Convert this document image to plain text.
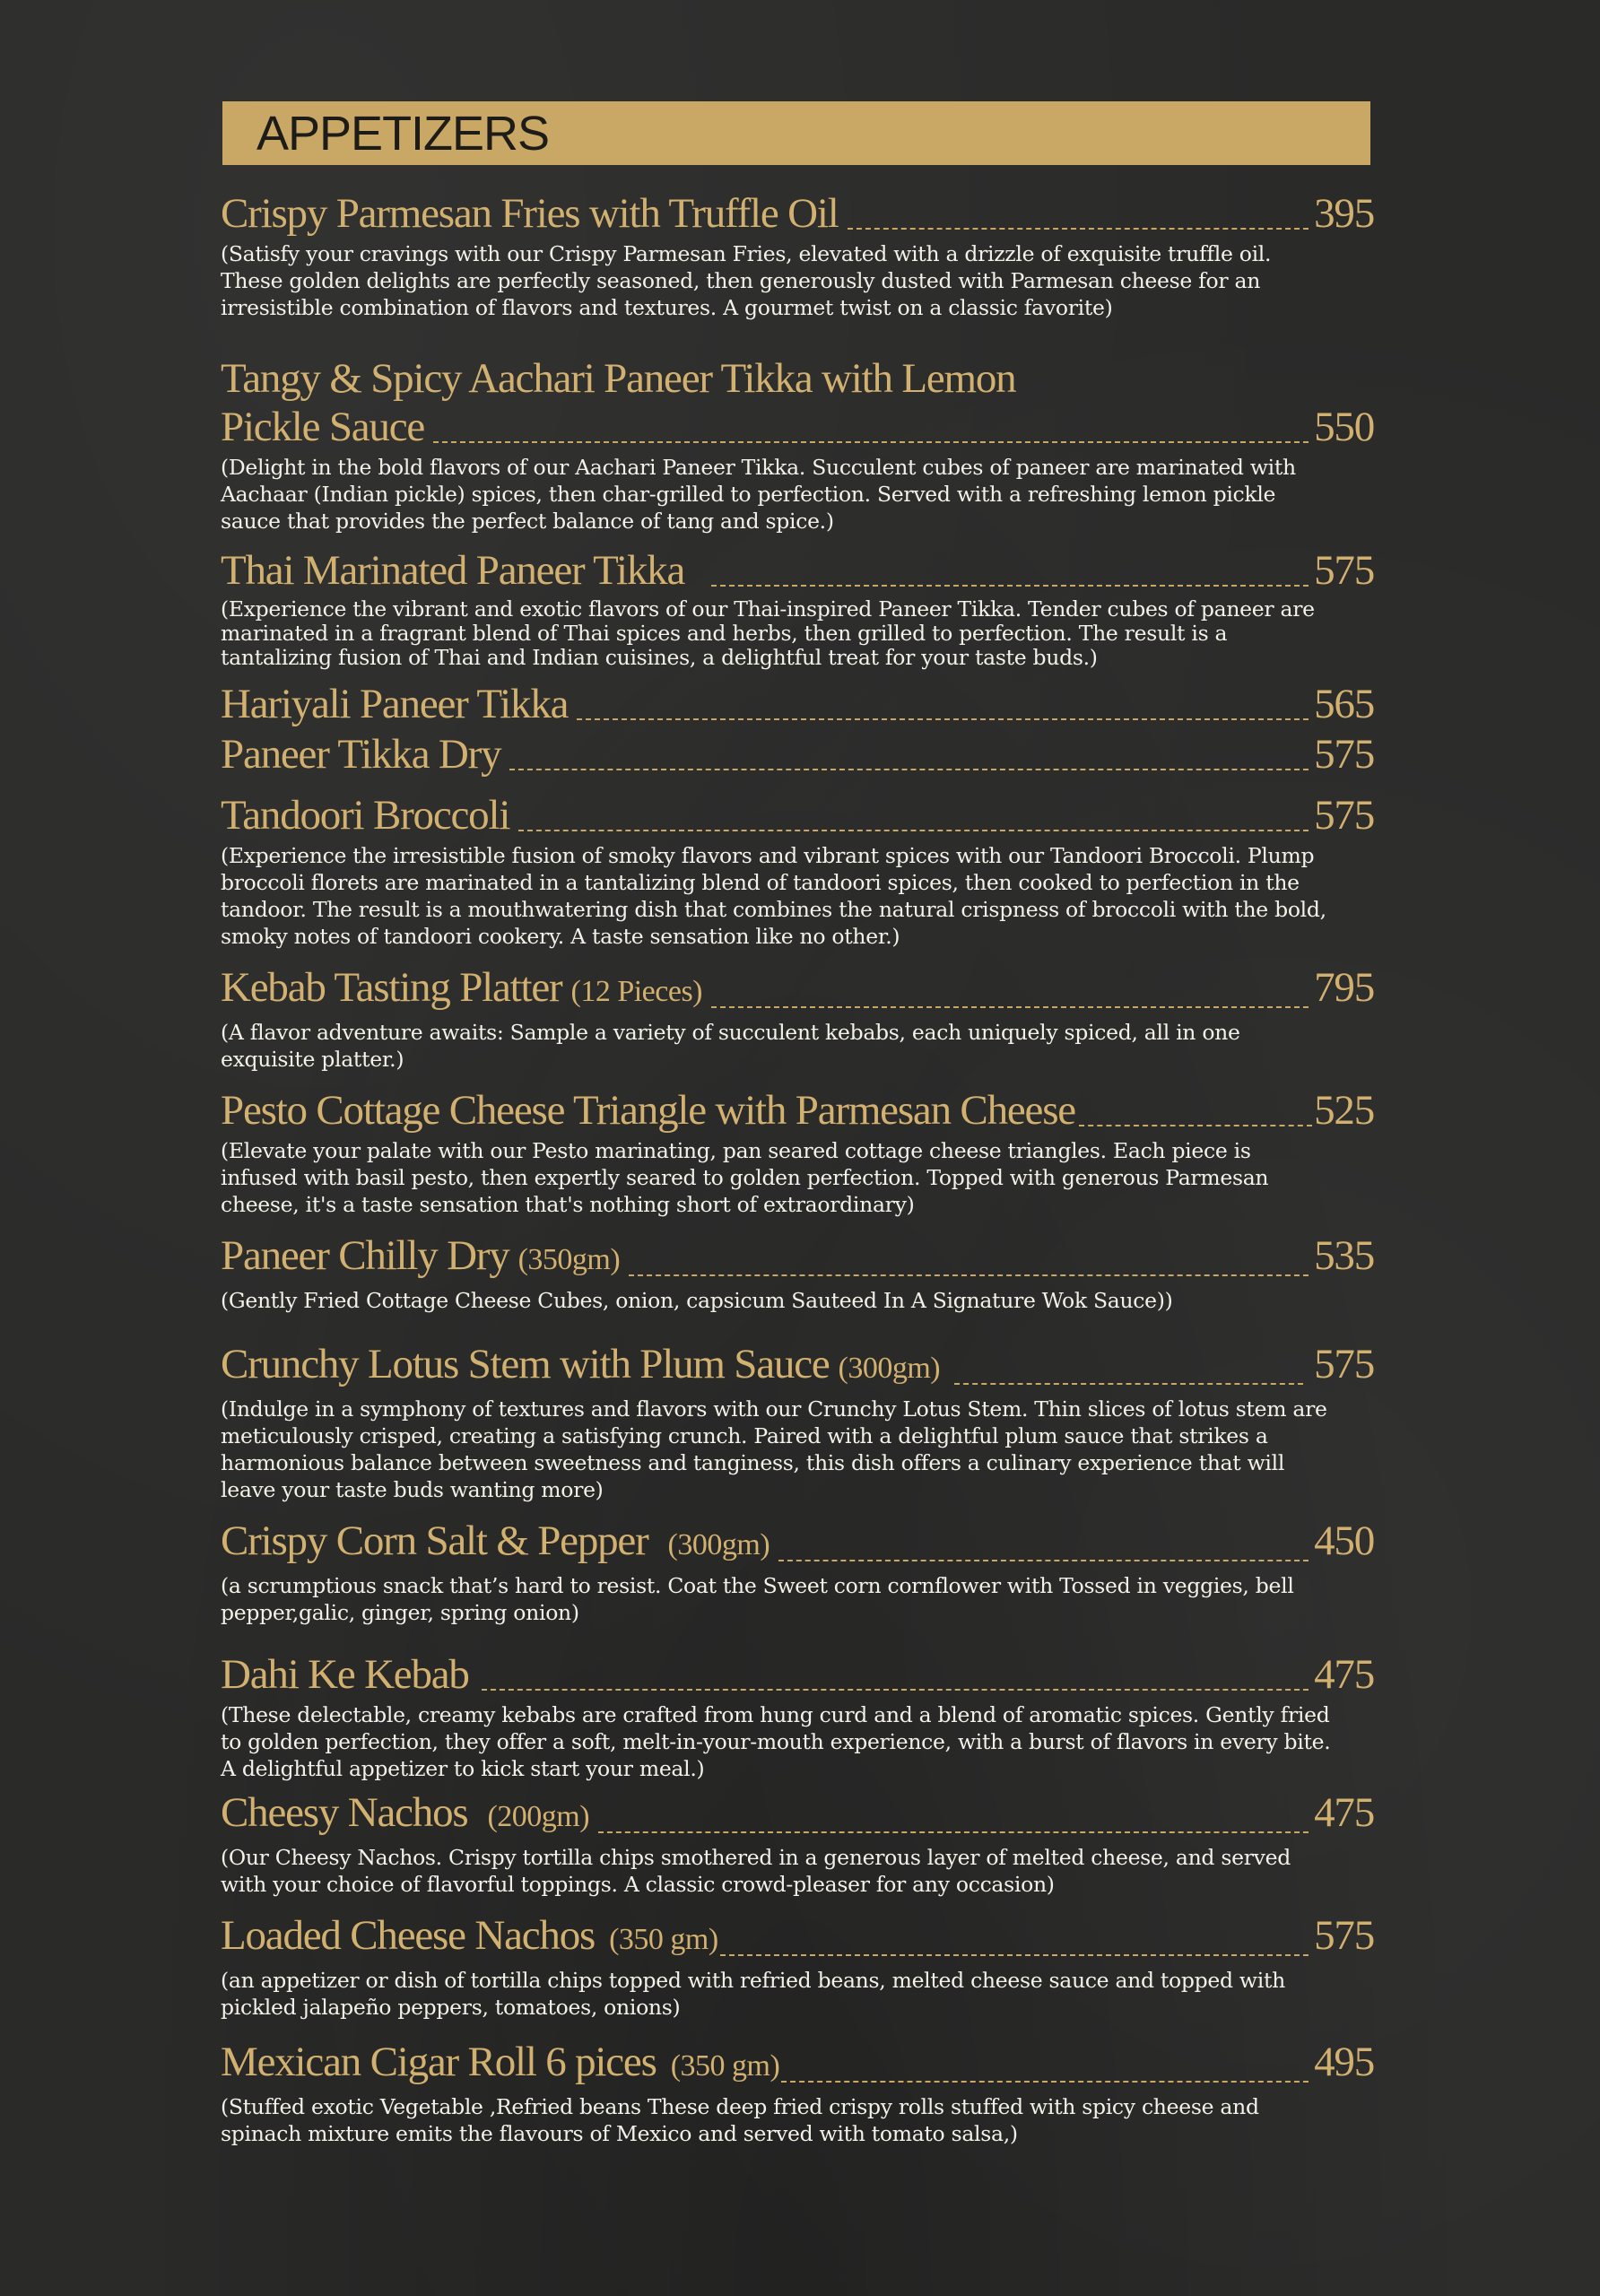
APPETIZERS
Crispy Parmesan Fries with Truffle Oil	395
(Satisfy your cravings with our Crispy Parmesan Fries, elevated with a drizzle of exquisite truffle oil. These golden delights are perfectly seasoned, then generously dusted with Parmesan cheese for an irresistible combination of flavors and textures. A gourmet twist on a classic favorite)
Tangy & Spicy Aachari Paneer Tikka with Lemon
Pickle Sauce	550
(Delight in the bold flavors of our Aachari Paneer Tikka. Succulent cubes of paneer are marinated with Aachaar (Indian pickle) spices, then char-grilled to perfection. Served with a refreshing lemon pickle sauce that provides the perfect balance of tang and spice.)
Thai Marinated Paneer Tikka	575
(Experience the vibrant and exotic flavors of our Thai-inspired Paneer Tikka. Tender cubes of paneer are marinated in a fragrant blend of Thai spices and herbs, then grilled to perfection. The result is a tantalizing fusion of Thai and Indian cuisines, a delightful treat for your taste buds.)
Hariyali Paneer Tikka	565
Paneer Tikka Dry	575
Tandoori Broccoli	575
(Experience the irresistible fusion of smoky flavors and vibrant spices with our Tandoori Broccoli. Plump broccoli florets are marinated in a tantalizing blend of tandoori spices, then cooked to perfection in the tandoor. The result is a mouthwatering dish that combines the natural crispness of broccoli with the bold, smoky notes of tandoori cookery. A taste sensation like no other.)
Kebab Tasting Platter (12 Pieces)	795
(A flavor adventure awaits: Sample a variety of succulent kebabs, each uniquely spiced, all in one exquisite platter.)
Pesto Cottage Cheese Triangle with Parmesan Cheese	525
(Elevate your palate with our Pesto marinating, pan seared cottage cheese triangles. Each piece is infused with basil pesto, then expertly seared to golden perfection. Topped with generous Parmesan cheese, it's a taste sensation that's nothing short of extraordinary)
Paneer Chilly Dry (350gm)	535
(Gently Fried Cottage Cheese Cubes, onion, capsicum Sauteed In A Signature Wok Sauce))
Crunchy Lotus Stem with Plum Sauce (300gm)	575
(Indulge in a symphony of textures and flavors with our Crunchy Lotus Stem. Thin slices of lotus stem are meticulously crisped, creating a satisfying crunch. Paired with a delightful plum sauce that strikes a harmonious balance between sweetness and tanginess, this dish offers a culinary experience that will leave your taste buds wanting more)
Crispy Corn Salt & Pepper (300gm)	450
(a scrumptious snack that’s hard to resist. Coat the Sweet corn cornflower with Tossed in veggies, bell pepper,galic, ginger, spring onion)
Dahi Ke Kebab	475
(These delectable, creamy kebabs are crafted from hung curd and a blend of aromatic spices. Gently fried to golden perfection, they offer a soft, melt-in-your-mouth experience, with a burst of flavors in every bite. A delightful appetizer to kick start your meal.)
Cheesy Nachos (200gm)	475
(Our Cheesy Nachos. Crispy tortilla chips smothered in a generous layer of melted cheese, and served with your choice of flavorful toppings. A classic crowd-pleaser for any occasion)
Loaded Cheese Nachos (350 gm)	575
(an appetizer or dish of tortilla chips topped with refried beans, melted cheese sauce and topped with pickled jalapeño peppers, tomatoes, onions)
Mexican Cigar Roll 6 pices (350 gm)	495
(Stuffed exotic Vegetable ,Refried beans These deep fried crispy rolls stuffed with spicy cheese and spinach mixture emits the flavours of Mexico and served with tomato salsa,)
